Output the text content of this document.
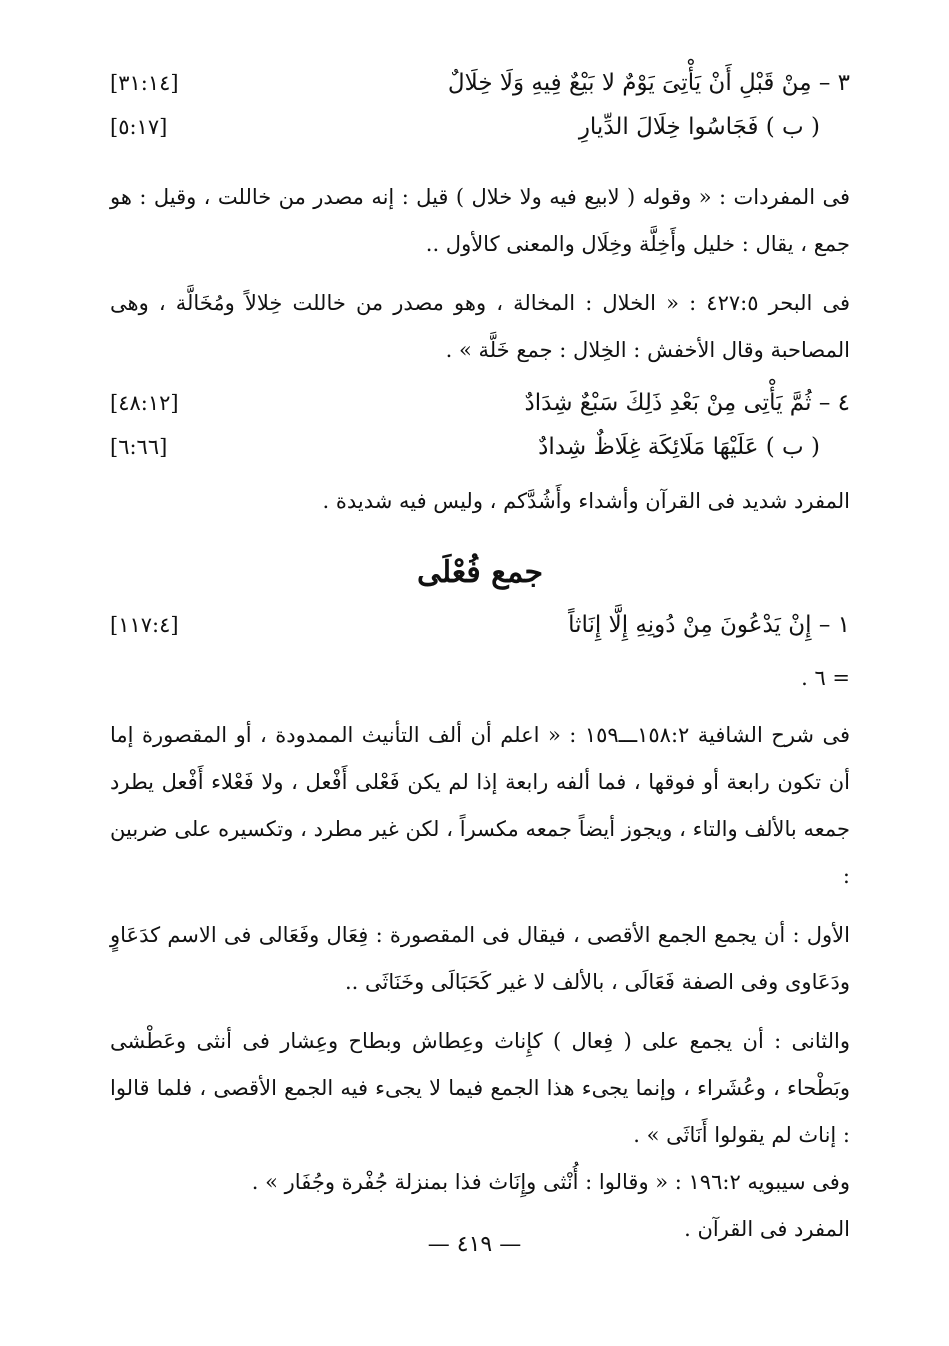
٣ – مِنْ قَبْلِ أَنْ يَأْتِىَ يَوْمٌ لا بَيْعٌ فِيهِ وَلَا خِلَالٌ
[٣١:١٤]
( ب ) فَجَاسُوا خِلَالَ الدِّيارِ
[٥:١٧]

فى المفردات : « وقوله ( لابيع فيه ولا خلال ) قيل : إنه مصدر من خاللت ، وقيل : هو جمع ، يقال : خليل وأَخِلَّة وخِلَال والمعنى كالأول ..

فى البحر ٤٢٧:٥ : « الخلال : المخالة ، وهو مصدر من خاللت خِلالاً ومُخَالَّة ، وهى المصاحبة وقال الأخفش : الخِلال : جمع خَلَّة » .

٤ – ثُمَّ يَأْتِى مِنْ بَعْدِ ذَلِكَ سَبْعٌ شِدَادٌ
[٤٨:١٢]
( ب ) عَلَيْهَا مَلَائِكَة غِلَاظٌ شِدادٌ
[٦:٦٦]

المفرد شديد فى القرآن وأشداء وأَشُدَّكم ، وليس فيه شديدة .

جمع فُعْلَى
١ – إِنْ يَدْعُونَ مِنْ دُونِهِ إِلَّا إِنَاثاً
[١١٧:٤]
= ٦ .

فى شرح الشافية ١٥٨:٢ـــ١٥٩ : « اعلم أن ألف التأنيث الممدودة ، أو المقصورة إما أن تكون رابعة أو فوقها ، فما ألفه رابعة إذا لم يكن فَعْلى أَفْعل ، ولا فَعْلاء أَفْعل يطرد جمعه بالألف والتاء ، ويجوز أيضاً جمعه مكسراً ، لكن غير مطرد ، وتكسيره على ضربين :

الأول : أن يجمع الجمع الأقصى ، فيقال فى المقصورة : فِعَال وفَعَالى فى الاسم كدَعَاوٍ ودَعَاوى وفى الصفة فَعَالَى ، بالألف لا غير كَحَبَالَى وخَنَاثَى ..

والثانى : أن يجمع على ( فِعال ) كإِناث وعِطاش وبطاح وعِشار فى أنثى وعَطْشى وبَطْحاء ، وعُشَراء ، وإنما يجىء هذا الجمع فيما لا يجىء فيه الجمع الأقصى ، فلما قالوا : إناث لم يقولوا أَنَاثَى » .

وفى سيبويه ١٩٦:٢ : « وقالوا : أُنْثى وإِنَاث فذا بمنزلة جُفْرة وجُفَار » .

المفرد فى القرآن .

— ٤١٩ —
